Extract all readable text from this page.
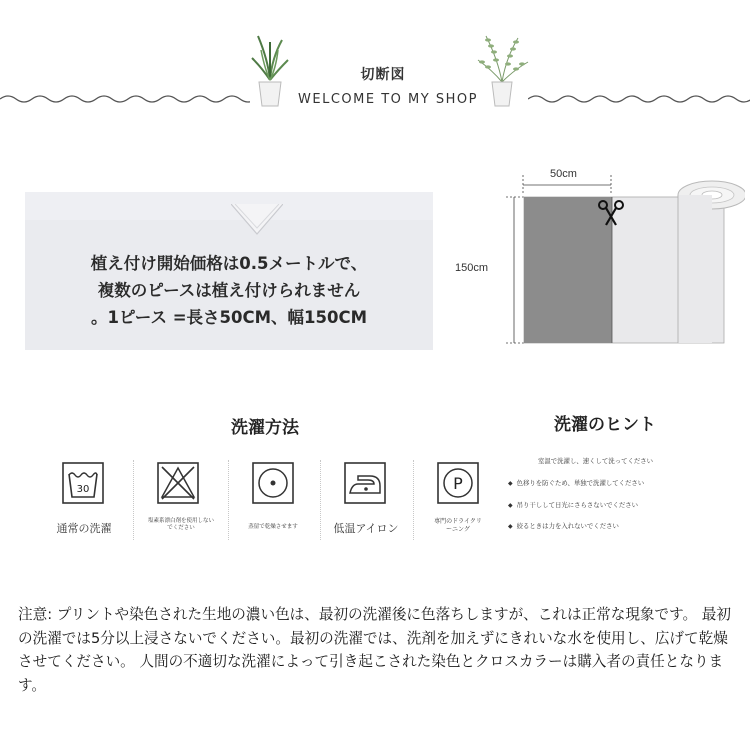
切断図
WELCOME TO MY SHOP
植え付け開始価格は0.5メートルで、
複数のピースは植え付けられません
。1ピース =長さ50CM、幅150CM
50cm
150cm
洗濯方法	洗濯のヒント
30
通常の洗濯
塩素系漂白剤を使用しないでください	蒸留で乾燥させます	低温アイロン
P
専門のドライクリーニング
室温で洗濯し、速くして洗ってください
◆ 色移りを防ぐため、単独で洗濯してください
◆ 吊り干しして日光にさらさないでください
◆ 絞るときは力を入れないでください
注意: プリントや染色された生地の濃い色は、最初の洗濯後に色落ちしますが、これは正常な現象です。 最初の洗濯では5分以上浸さないでください。最初の洗濯では、洗剤を加えずにきれいな水を使用し、広げて乾燥させてください。 人間の不適切な洗濯によって引き起こされた染色とクロスカラーは購入者の責任となります。
